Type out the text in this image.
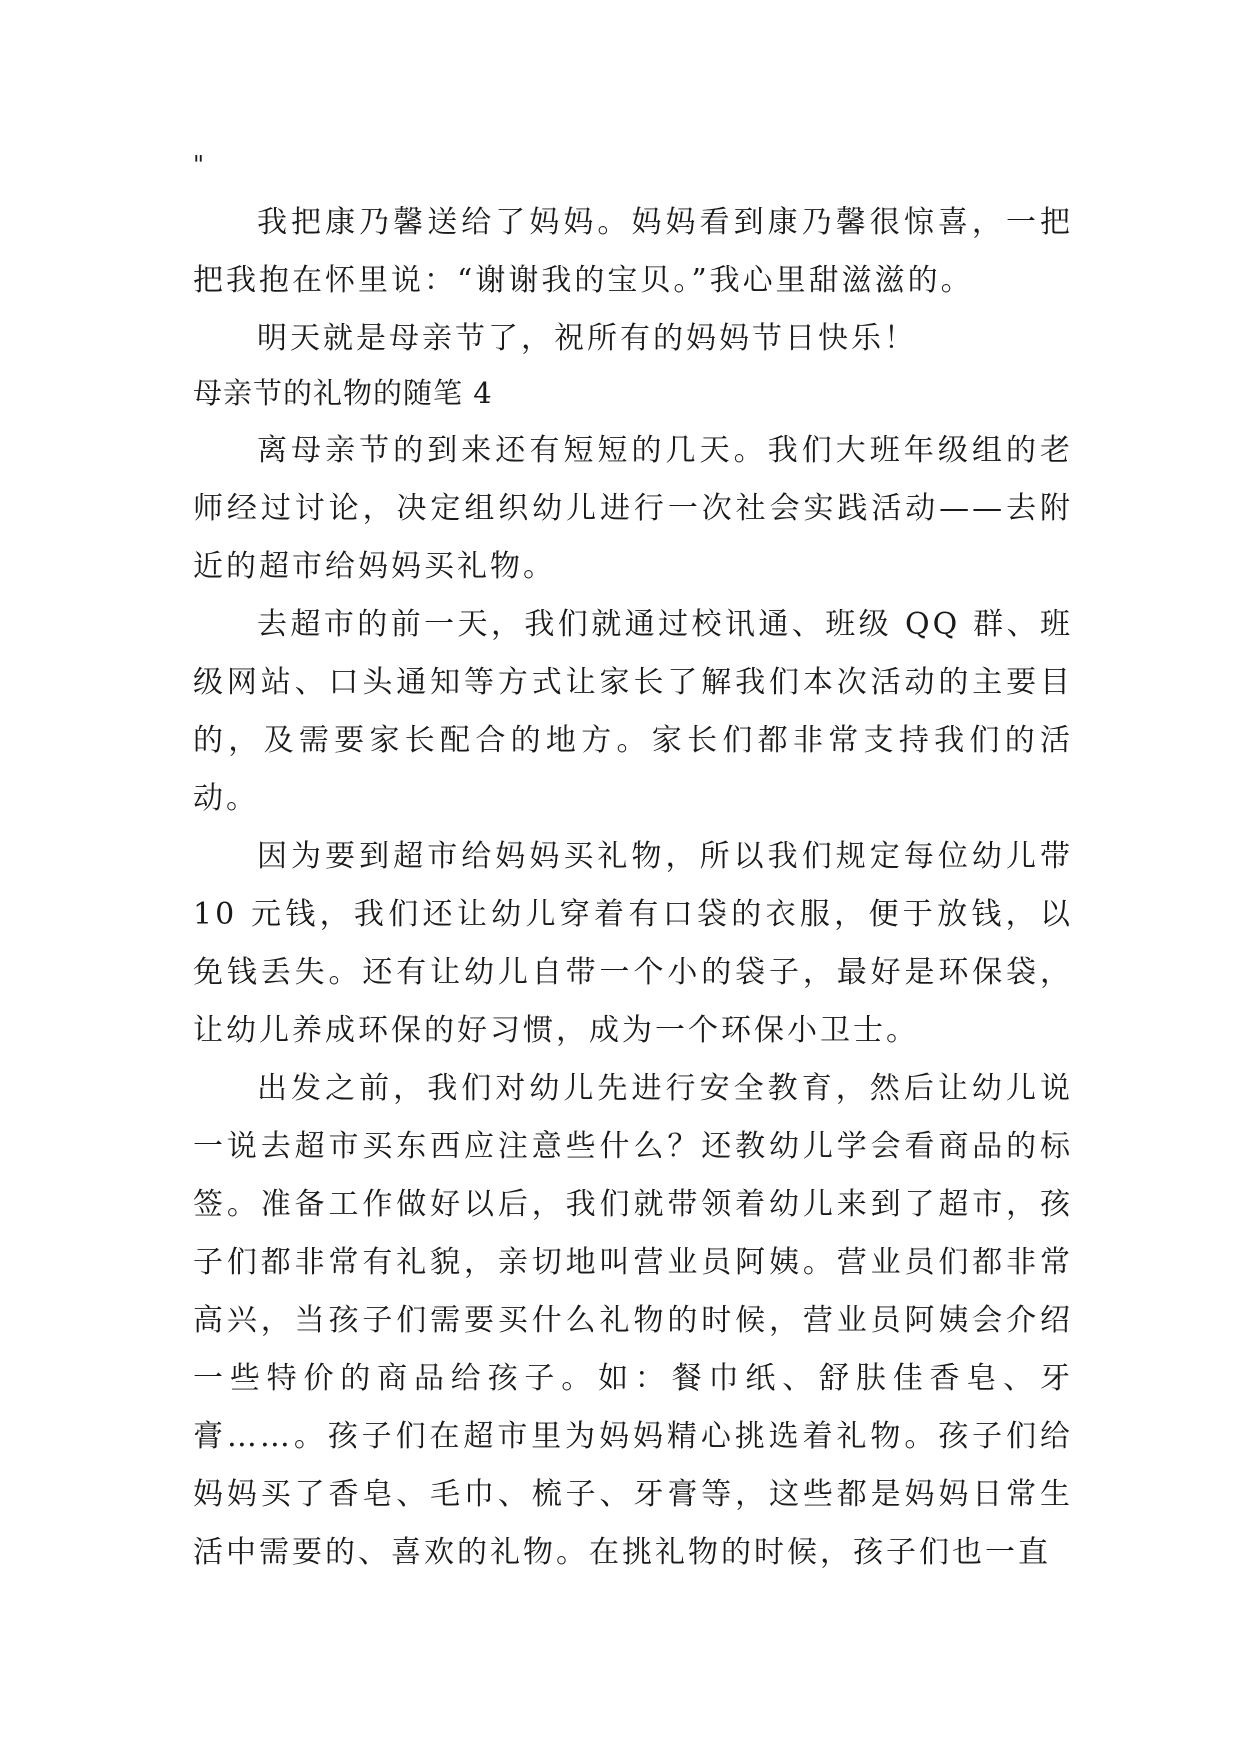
"

我把康乃馨送给了妈妈。妈妈看到康乃馨很惊喜，一把把我抱在怀里说：“谢谢我的宝贝。”我心里甜滋滋的。

明天就是母亲节了，祝所有的妈妈节日快乐！

母亲节的礼物的随笔 4

离母亲节的到来还有短短的几天。我们大班年级组的老师经过讨论，决定组织幼儿进行一次社会实践活动——去附近的超市给妈妈买礼物。

去超市的前一天，我们就通过校讯通、班级 QQ 群、班级网站、口头通知等方式让家长了解我们本次活动的主要目的，及需要家长配合的地方。家长们都非常支持我们的活动。

因为要到超市给妈妈买礼物，所以我们规定每位幼儿带 10 元钱，我们还让幼儿穿着有口袋的衣服，便于放钱，以免钱丢失。还有让幼儿自带一个小的袋子，最好是环保袋，让幼儿养成环保的好习惯，成为一个环保小卫士。

出发之前，我们对幼儿先进行安全教育，然后让幼儿说一说去超市买东西应注意些什么？还教幼儿学会看商品的标签。准备工作做好以后，我们就带领着幼儿来到了超市，孩子们都非常有礼貌，亲切地叫营业员阿姨。营业员们都非常高兴，当孩子们需要买什么礼物的时候，营业员阿姨会介绍一些特价的商品给孩子。如：餐巾纸、舒肤佳香皂、牙膏……。孩子们在超市里为妈妈精心挑选着礼物。孩子们给妈妈买了香皂、毛巾、梳子、牙膏等，这些都是妈妈日常生活中需要的、喜欢的礼物。在挑礼物的时候，孩子们也一直
